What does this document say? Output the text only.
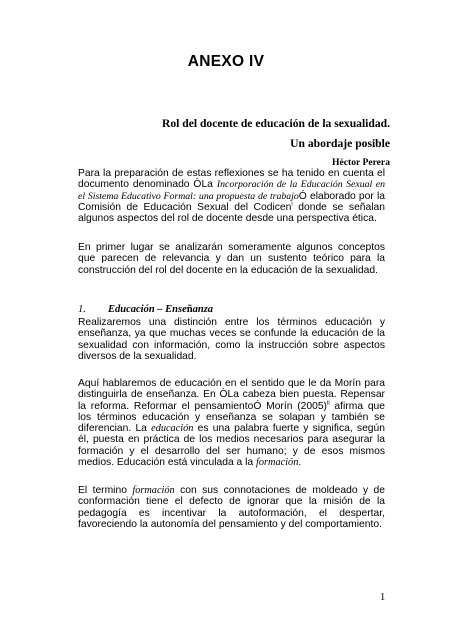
ANEXO IV
Rol del docente de educación de la sexualidad.
Un abordaje posible
Héctor Perera

Para la preparación de estas reflexiones se ha tenido en cuenta el documento denominado ÒLa Incorporación de la Educación Sexual en el Sistema Educativo Formal: una propuesta de trabajoÓ elaborado por la Comisión de Educación Sexual del Codicen$^i$ donde se señalan algunos aspectos del rol de docente desde una perspectiva ética.

En primer lugar se analizarán someramente algunos conceptos que parecen de relevancia y dan un sustento teórico para la construcción del rol del docente en la educación de la sexualidad.

1. Educación – Enseñanza

Realizaremos una distinción entre los términos educación y enseñanza, ya que muchas veces se confunde la educación de la sexualidad con información, como la instrucción sobre aspectos diversos de la sexualidad.

Aquí hablaremos de educación en el sentido que le da Morín para distinguirla de enseñanza. En ÒLa cabeza bien puesta. Repensar la reforma. Reformar el pensamientoÓ Morín $(2005)^{ii}$ afirma que los términos educación y enseñanza se solapan y también se diferencian. La educación es una palabra fuerte y significa, según él, puesta en práctica de los medios necesarios para asegurar la formación y el desarrollo del ser humano; y de esos mismos medios. Educación está vinculada a la formación.

El termino formación con sus connotaciones de moldeado y de conformación tiene el defecto de ignorar que la misión de la pedagogía es incentivar la autoformación, el despertar, favoreciendo la autonomía del pensamiento y del comportamiento.

1
